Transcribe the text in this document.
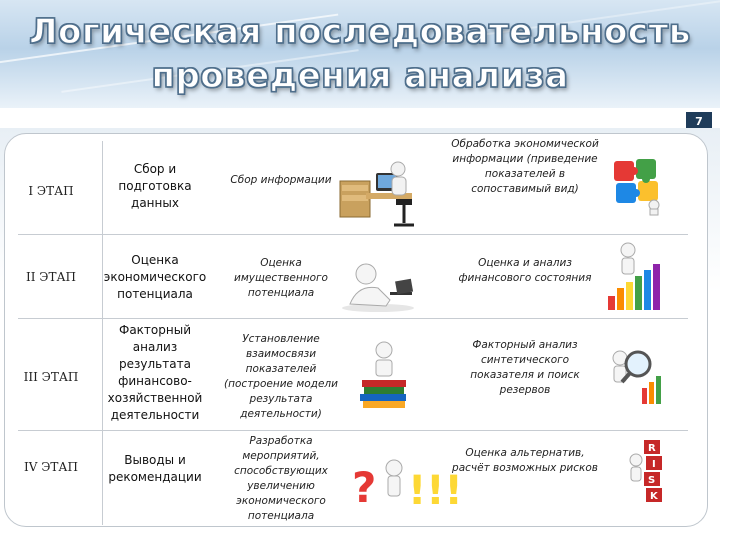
Логическая последовательность
проведения анализа
7
I ЭТАП
Сбор и подготовка данных
Сбор информации
Обработка экономической информации (приведение показателей в сопоставимый вид)
II ЭТАП
Оценка экономического потенциала
Оценка имущественного потенциала
Оценка и анализ финансового состояния
III ЭТАП
Факторный анализ результата финансово-хозяйственной деятельности
Установление взаимосвязи показателей (построение модели результата деятельности)
Факторный анализ синтетического показателя и поиск резервов
IV ЭТАП	Выводы и рекомендации
Разработка мероприятий, способствующих увеличению экономического потенциала
? !!!
Оценка альтернатив, расчёт возможных рисков
R
I
S
K
